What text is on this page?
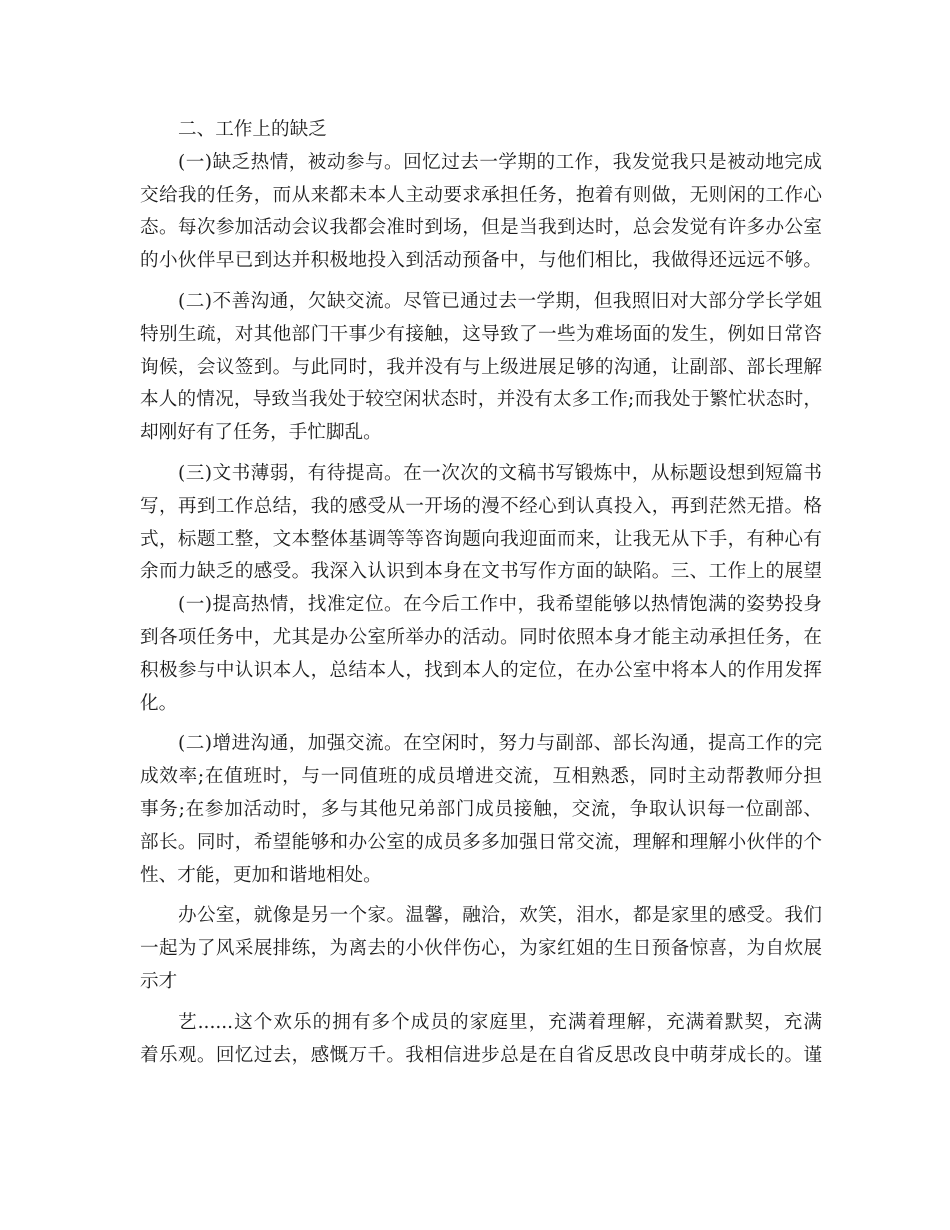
二、工作上的缺乏
(一)缺乏热情，被动参与。回忆过去一学期的工作，我发觉我只是被动地完成
交给我的任务，而从来都未本人主动要求承担任务，抱着有则做，无则闲的工作心
态。每次参加活动会议我都会准时到场，但是当我到达时，总会发觉有许多办公室
的小伙伴早已到达并积极地投入到活动预备中，与他们相比，我做得还远远不够。
(二)不善沟通，欠缺交流。尽管已通过去一学期，但我照旧对大部分学长学姐
特别生疏，对其他部门干事少有接触，这导致了一些为难场面的发生，例如日常咨
询候，会议签到。与此同时，我并没有与上级进展足够的沟通，让副部、部长理解
本人的情况，导致当我处于较空闲状态时，并没有太多工作;而我处于繁忙状态时，
却刚好有了任务，手忙脚乱。
(三)文书薄弱，有待提高。在一次次的文稿书写锻炼中，从标题设想到短篇书
写，再到工作总结，我的感受从一开场的漫不经心到认真投入，再到茫然无措。格
式，标题工整，文本整体基调等等咨询题向我迎面而来，让我无从下手，有种心有
余而力缺乏的感受。我深入认识到本身在文书写作方面的缺陷。三、工作上的展望
(一)提高热情，找准定位。在今后工作中，我希望能够以热情饱满的姿势投身
到各项任务中，尤其是办公室所举办的活动。同时依照本身才能主动承担任务，在
积极参与中认识本人，总结本人，找到本人的定位，在办公室中将本人的作用发挥
化。
(二)增进沟通，加强交流。在空闲时，努力与副部、部长沟通，提高工作的完
成效率;在值班时，与一同值班的成员增进交流，互相熟悉，同时主动帮教师分担
事务;在参加活动时，多与其他兄弟部门成员接触，交流，争取认识每一位副部、
部长。同时，希望能够和办公室的成员多多加强日常交流，理解和理解小伙伴的个
性、才能，更加和谐地相处。
办公室，就像是另一个家。温馨，融洽，欢笑，泪水，都是家里的感受。我们
一起为了风采展排练，为离去的小伙伴伤心，为家红姐的生日预备惊喜，为自炊展
示才
艺......这个欢乐的拥有多个成员的家庭里，充满着理解，充满着默契，充满
着乐观。回忆过去，感慨万千。我相信进步总是在自省反思改良中萌芽成长的。谨
